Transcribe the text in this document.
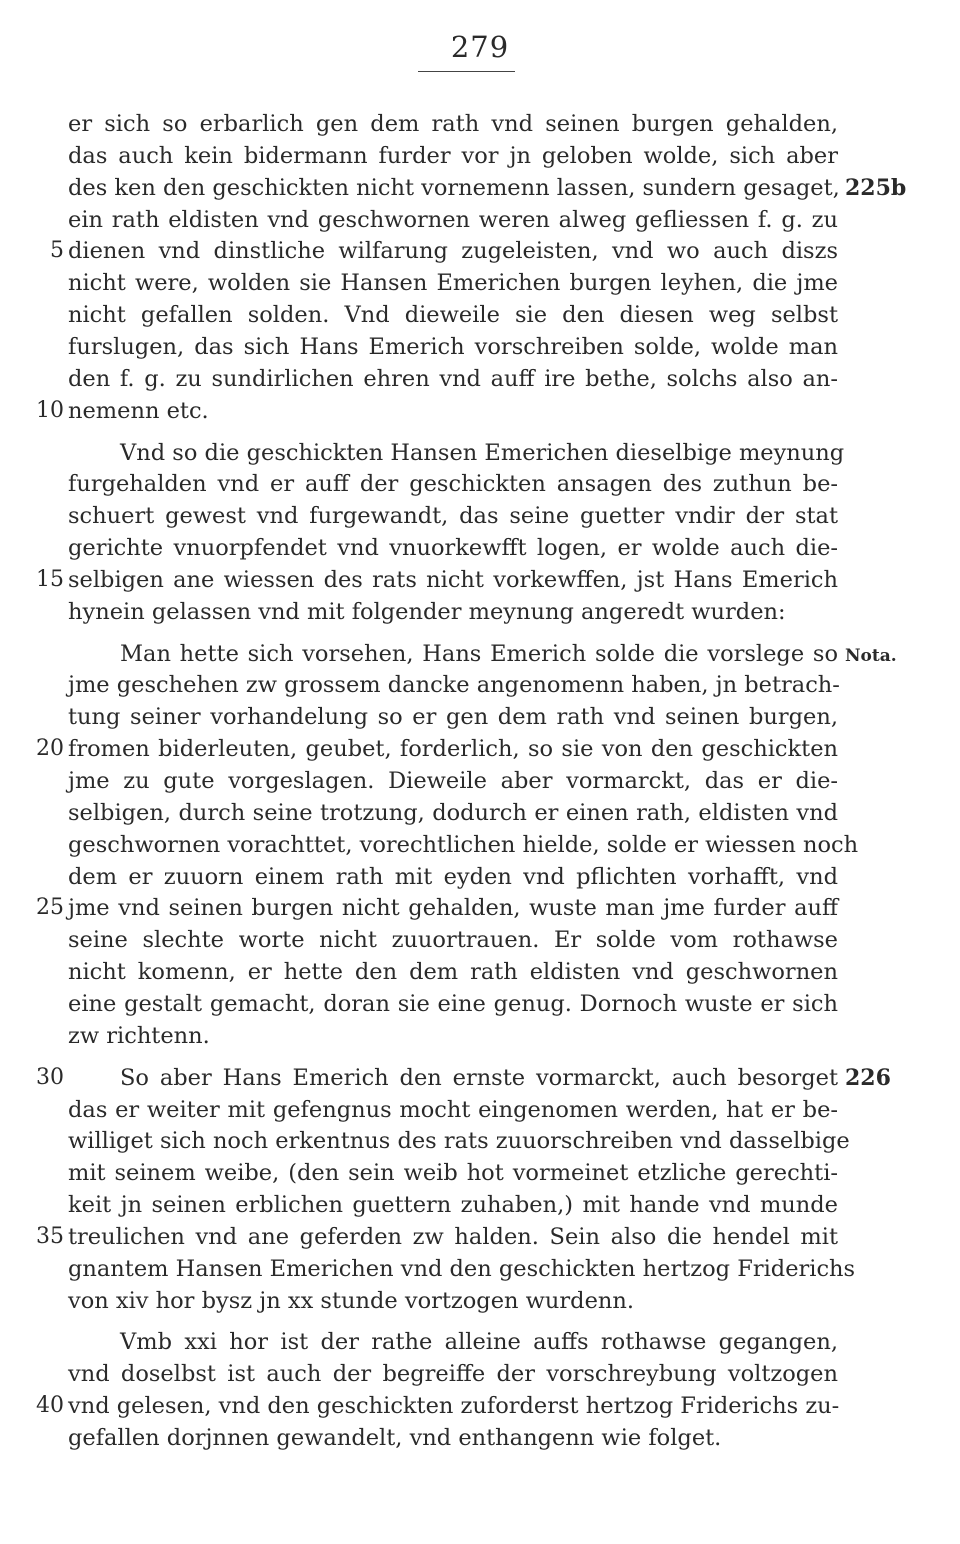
279
er sich so erbarlich gen dem rath vnd seinen burgen gehalden,
das auch kein bidermann furder vor jn geloben wolde, sich aber
des ken den geschickten nicht vornemenn lassen, sundern gesaget,
ein rath eldisten vnd geschwornen weren alweg gefliessen f. g. zu
dienen vnd dinstliche wilfarung zugeleisten, vnd wo auch diszs
nicht were, wolden sie Hansen Emerichen burgen leyhen, die jme
nicht gefallen solden. Vnd dieweile sie den diesen weg selbst
furslugen, das sich Hans Emerich vorschreiben solde, wolde man
den f. g. zu sundirlichen ehren vnd auff ire bethe, solchs also an-
nemenn etc.
Vnd so die geschickten Hansen Emerichen dieselbige meynung
furgehalden vnd er auff der geschickten ansagen des zuthun be-
schuert gewest vnd furgewandt, das seine guetter vndir der stat
gerichte vnuorpfendet vnd vnuorkewfft logen, er wolde auch die-
selbigen ane wiessen des rats nicht vorkewffen, jst Hans Emerich
hynein gelassen vnd mit folgender meynung angeredt wurden:
Man hette sich vorsehen, Hans Emerich solde die vorslege so
jme geschehen zw grossem dancke angenomenn haben, jn betrach-
tung seiner vorhandelung so er gen dem rath vnd seinen burgen,
fromen biderleuten, geubet, forderlich, so sie von den geschickten
jme zu gute vorgeslagen. Dieweile aber vormarckt, das er die-
selbigen, durch seine trotzung, dodurch er einen rath, eldisten vnd
geschwornen vorachttet, vorechtlichen hielde, solde er wiessen noch
dem er zuuorn einem rath mit eyden vnd pflichten vorhafft, vnd
jme vnd seinen burgen nicht gehalden, wuste man jme furder auff
seine slechte worte nicht zuuortrauen. Er solde vom rothawse
nicht komenn, er hette den dem rath eldisten vnd geschwornen
eine gestalt gemacht, doran sie eine genug. Dornoch wuste er sich
zw richtenn.
So aber Hans Emerich den ernste vormarckt, auch besorget
das er weiter mit gefengnus mocht eingenomen werden, hat er be-
williget sich noch erkentnus des rats zuuorschreiben vnd dasselbige
mit seinem weibe, (den sein weib hot vormeinet etzliche gerechti-
keit jn seinen erblichen guettern zuhaben,) mit hande vnd munde
treulichen vnd ane geferden zw halden. Sein also die hendel mit
gnantem Hansen Emerichen vnd den geschickten hertzog Friderichs
von xiv hor bysz jn xx stunde vortzogen wurdenn.
Vmb xxi hor ist der rathe alleine auffs rothawse gegangen,
vnd doselbst ist auch der begreiffe der vorschreybung voltzogen
vnd gelesen, vnd den geschickten zuforderst hertzog Friderichs zu-
gefallen dorjnnen gewandelt, vnd enthangenn wie folget.
5
10
15
20
25
30
35
40
225b
Nota.
226
